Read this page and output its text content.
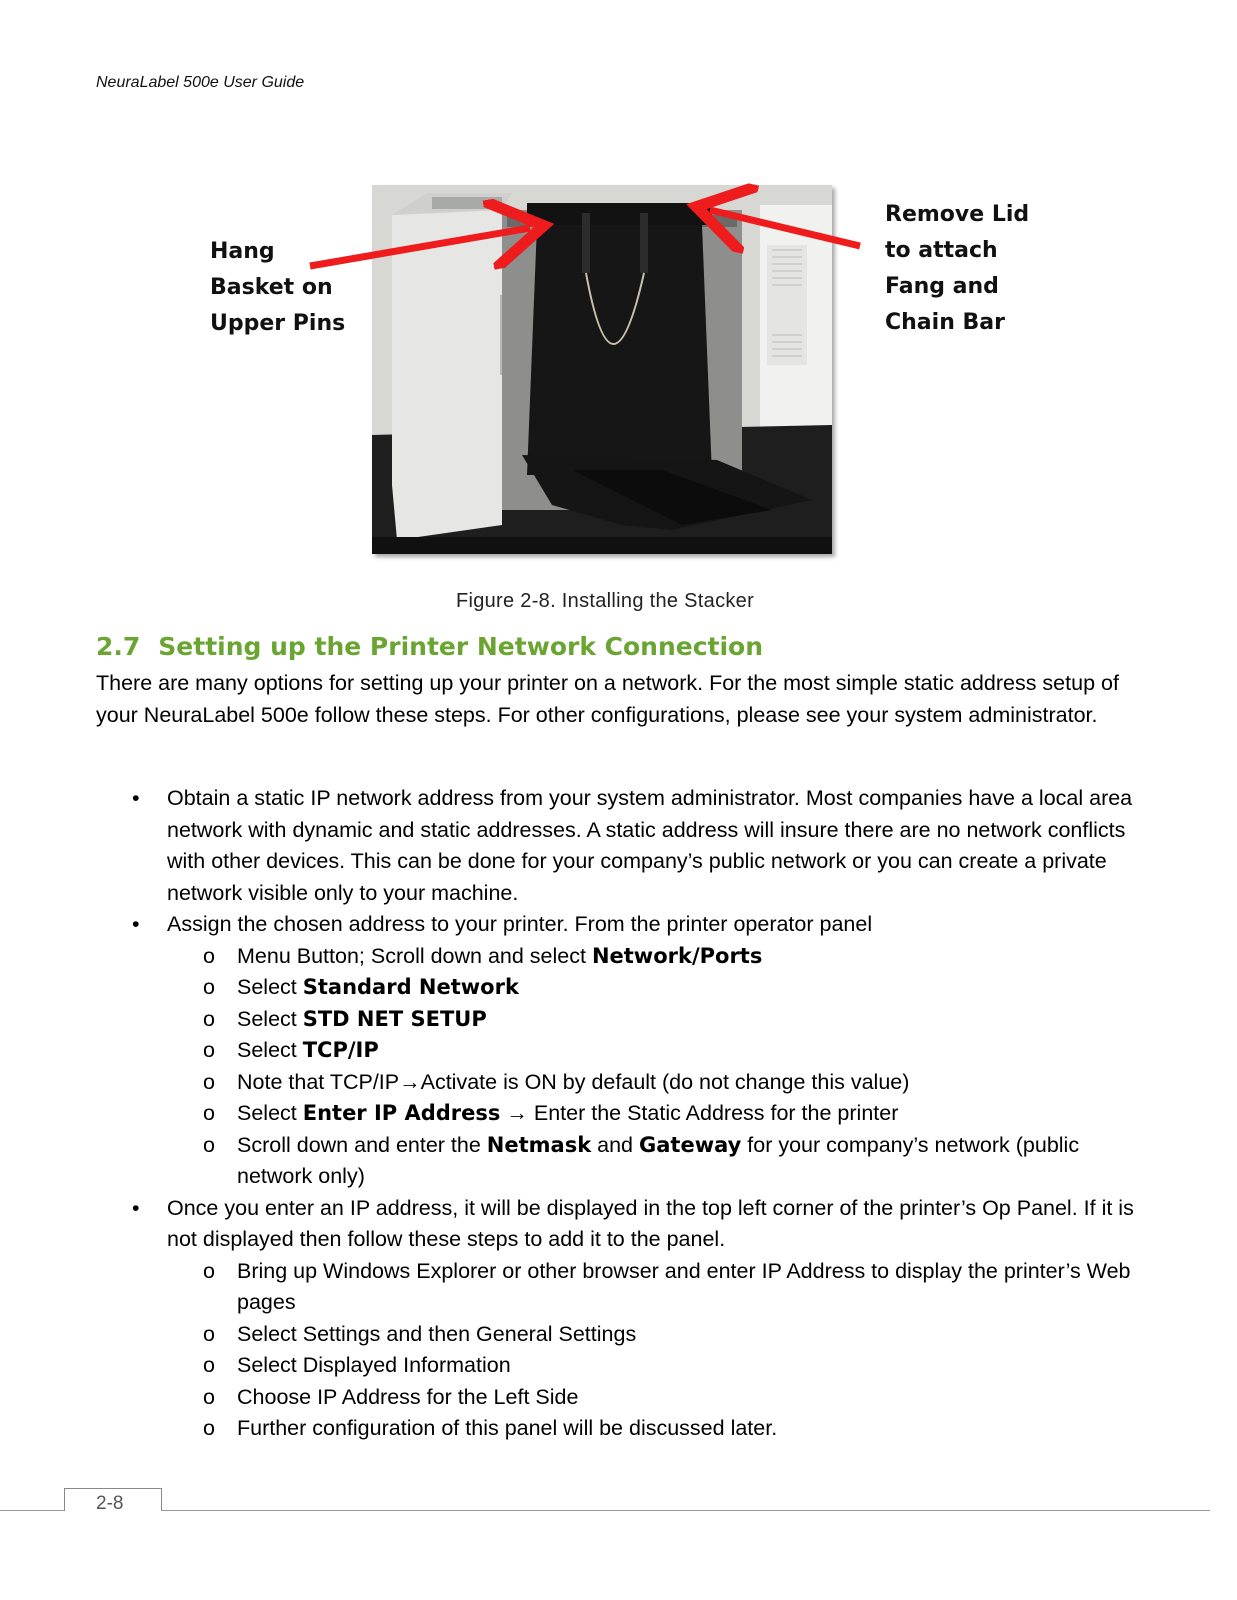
NeuraLabel 500e User Guide
Hang
Basket on
Upper Pins
Remove Lid
to attach
Fang and
Chain Bar
Figure 2-8. Installing the Stacker
2.7 Setting up the Printer Network Connection
There are many options for setting up your printer on a network. For the most simple static address setup of your NeuraLabel 500e follow these steps. For other configurations, please see your system administrator.
• Obtain a static IP network address from your system administrator. Most companies have a local area network with dynamic and static addresses. A static address will insure there are no network conflicts with other devices. This can be done for your company’s public network or you can create a private network visible only to your machine.
• Assign the chosen address to your printer. From the printer operator panel
o Menu Button; Scroll down and select Network/Ports
o Select Standard Network
o Select STD NET SETUP
o Select TCP/IP
o Note that TCP/IP→Activate is ON by default (do not change this value)
o Select Enter IP Address → Enter the Static Address for the printer
o Scroll down and enter the Netmask and Gateway for your company’s network (public network only)
• Once you enter an IP address, it will be displayed in the top left corner of the printer’s Op Panel. If it is not displayed then follow these steps to add it to the panel.
o Bring up Windows Explorer or other browser and enter IP Address to display the printer’s Web pages
o Select Settings and then General Settings
o Select Displayed Information
o Choose IP Address for the Left Side
o Further configuration of this panel will be discussed later.
2-8
